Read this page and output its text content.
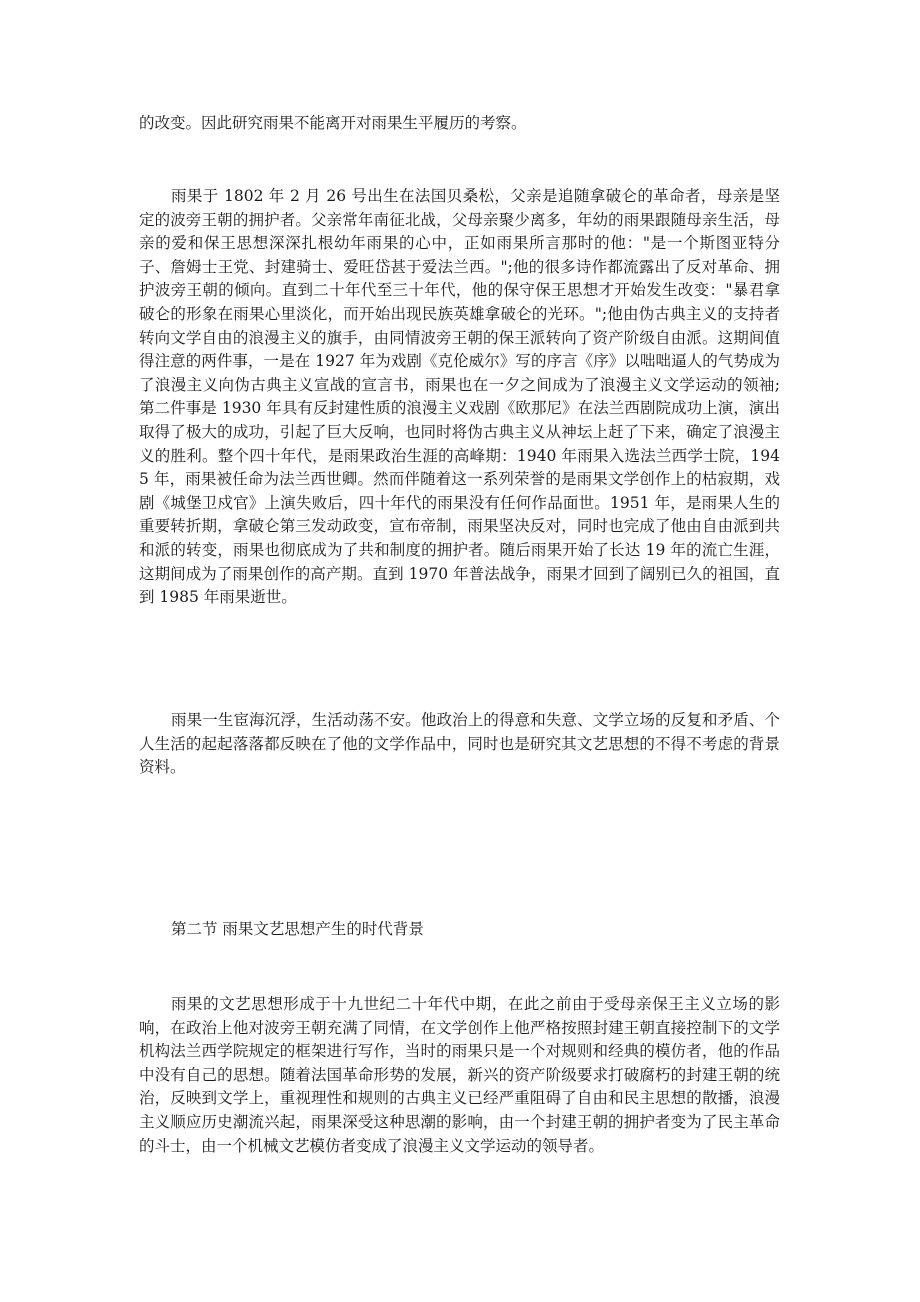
的改变。因此研究雨果不能离开对雨果生平履历的考察。

雨果于 1802 年 2 月 26 号出生在法国贝桑松，父亲是追随拿破仑的革命者，母亲是坚定的波旁王朝的拥护者。父亲常年南征北战，父母亲聚少离多，年幼的雨果跟随母亲生活，母亲的爱和保王思想深深扎根幼年雨果的心中，正如雨果所言那时的他："是一个斯图亚特分子、詹姆士王党、封建骑士、爱旺岱甚于爱法兰西。";他的很多诗作都流露出了反对革命、拥护波旁王朝的倾向。直到二十年代至三十年代，他的保守保王思想才开始发生改变："暴君拿破仑的形象在雨果心里淡化，而开始出现民族英雄拿破仑的光环。";他由伪古典主义的支持者转向文学自由的浪漫主义的旗手，由同情波旁王朝的保王派转向了资产阶级自由派。这期间值得注意的两件事，一是在 1927 年为戏剧《克伦威尔》写的序言《序》以咄咄逼人的气势成为了浪漫主义向伪古典主义宣战的宣言书，雨果也在一夕之间成为了浪漫主义文学运动的领袖; 第二件事是 1930 年具有反封建性质的浪漫主义戏剧《欧那尼》在法兰西剧院成功上演，演出取得了极大的成功，引起了巨大反响，也同时将伪古典主义从神坛上赶了下来，确定了浪漫主义的胜利。整个四十年代，是雨果政治生涯的高峰期：1940 年雨果入选法兰西学士院，1945 年，雨果被任命为法兰西世卿。然而伴随着这一系列荣誉的是雨果文学创作上的枯寂期，戏剧《城堡卫戍官》上演失败后，四十年代的雨果没有任何作品面世。1951 年，是雨果人生的重要转折期，拿破仑第三发动政变，宣布帝制，雨果坚决反对，同时也完成了他由自由派到共和派的转变，雨果也彻底成为了共和制度的拥护者。随后雨果开始了长达 19 年的流亡生涯，这期间成为了雨果创作的高产期。直到 1970 年普法战争，雨果才回到了阔别已久的祖国，直到 1985 年雨果逝世。

雨果一生宦海沉浮，生活动荡不安。他政治上的得意和失意、文学立场的反复和矛盾、个人生活的起起落落都反映在了他的文学作品中，同时也是研究其文艺思想的不得不考虑的背景资料。

第二节 雨果文艺思想产生的时代背景

雨果的文艺思想形成于十九世纪二十年代中期，在此之前由于受母亲保王主义立场的影响，在政治上他对波旁王朝充满了同情，在文学创作上他严格按照封建王朝直接控制下的文学机构法兰西学院规定的框架进行写作，当时的雨果只是一个对规则和经典的模仿者，他的作品中没有自己的思想。随着法国革命形势的发展，新兴的资产阶级要求打破腐朽的封建王朝的统治，反映到文学上，重视理性和规则的古典主义已经严重阻碍了自由和民主思想的散播，浪漫主义顺应历史潮流兴起，雨果深受这种思潮的影响，由一个封建王朝的拥护者变为了民主革命的斗士，由一个机械文艺模仿者变成了浪漫主义文学运动的领导者。
